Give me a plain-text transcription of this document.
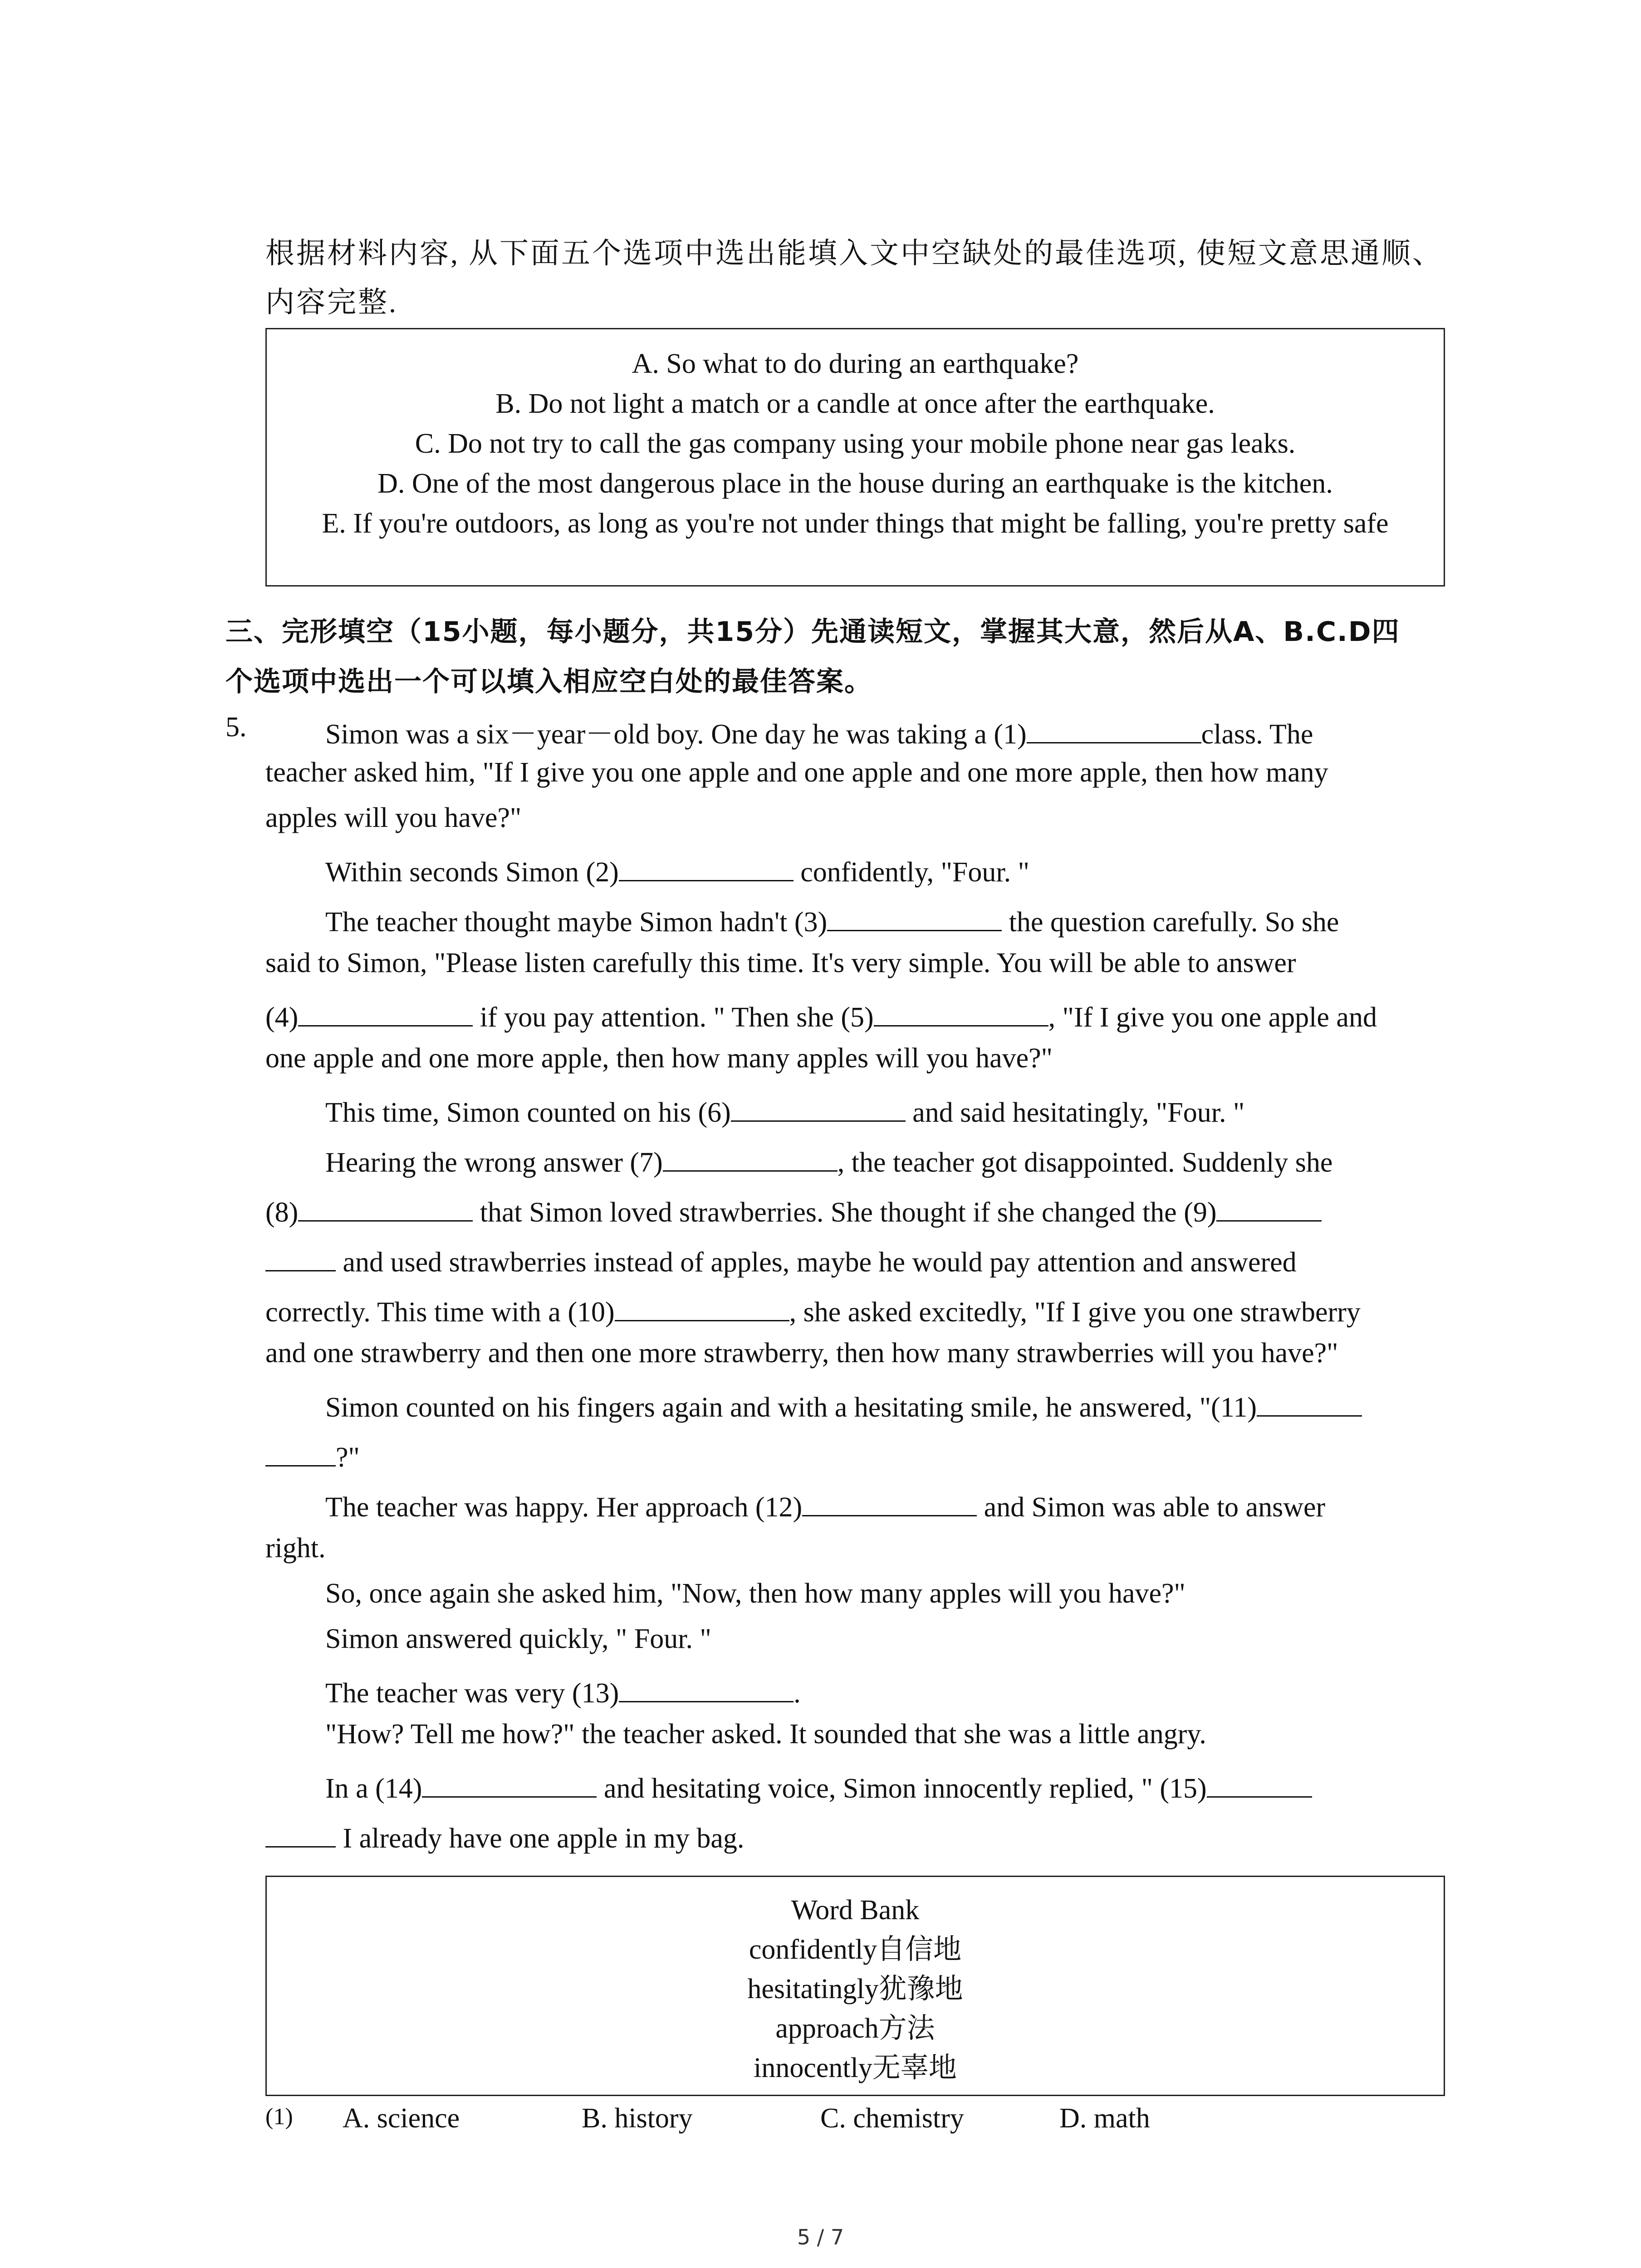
根据材料内容, 从下面五个选项中选出能填入文中空缺处的最佳选项, 使短文意思通顺、
内容完整.
A. So what to do during an earthquake?
B. Do not light a match or a candle at once after the earthquake.
C. Do not try to call the gas company using your mobile phone near gas leaks.
D. One of the most dangerous place in the house during an earthquake is the kitchen.
E. If you're outdoors, as long as you're not under things that might be falling, you're pretty safe
三、完形填空（15小题，每小题分，共15分）先通读短文，掌握其大意，然后从A、B.C.D四
个选项中选出一个可以填入相应空白处的最佳答案。
5.	Simon was a six－year－old boy. One day he was taking a (1)	class. The
teacher asked him, "If I give you one apple and one apple and one more apple, then how many
apples will you have?"
Within seconds Simon (2)	confidently, "Four. "
The teacher thought maybe Simon hadn't (3)	the question carefully. So she
said to Simon, "Please listen carefully this time. It's very simple. You will be able to answer
(4)	if you pay attention. " Then she (5)	, "If I give you one apple and
one apple and one more apple, then how many apples will you have?"
This time, Simon counted on his (6)	and said hesitatingly, "Four. "
Hearing the wrong answer (7)	, the teacher got disappointed. Suddenly she
(8)	that Simon loved strawberries. She thought if she changed the (9)
and used strawberries instead of apples, maybe he would pay attention and answered
correctly. This time with a (10)	, she asked excitedly, "If I give you one strawberry
and one strawberry and then one more strawberry, then how many strawberries will you have?"
Simon counted on his fingers again and with a hesitating smile, he answered, "(11)
?"
The teacher was happy. Her approach (12)	and Simon was able to answer
right.
So, once again she asked him, "Now, then how many apples will you have?"
Simon answered quickly, " Four. "
The teacher was very (13)	.
"How? Tell me how?" the teacher asked. It sounded that she was a little angry.
In a (14)	and hesitating voice, Simon innocently replied, " (15)
I already have one apple in my bag.
Word Bank
confidently自信地
hesitatingly犹豫地
approach方法
innocently无辜地
(1) A. science	B. history	C. chemistry	D. math
5 / 7
